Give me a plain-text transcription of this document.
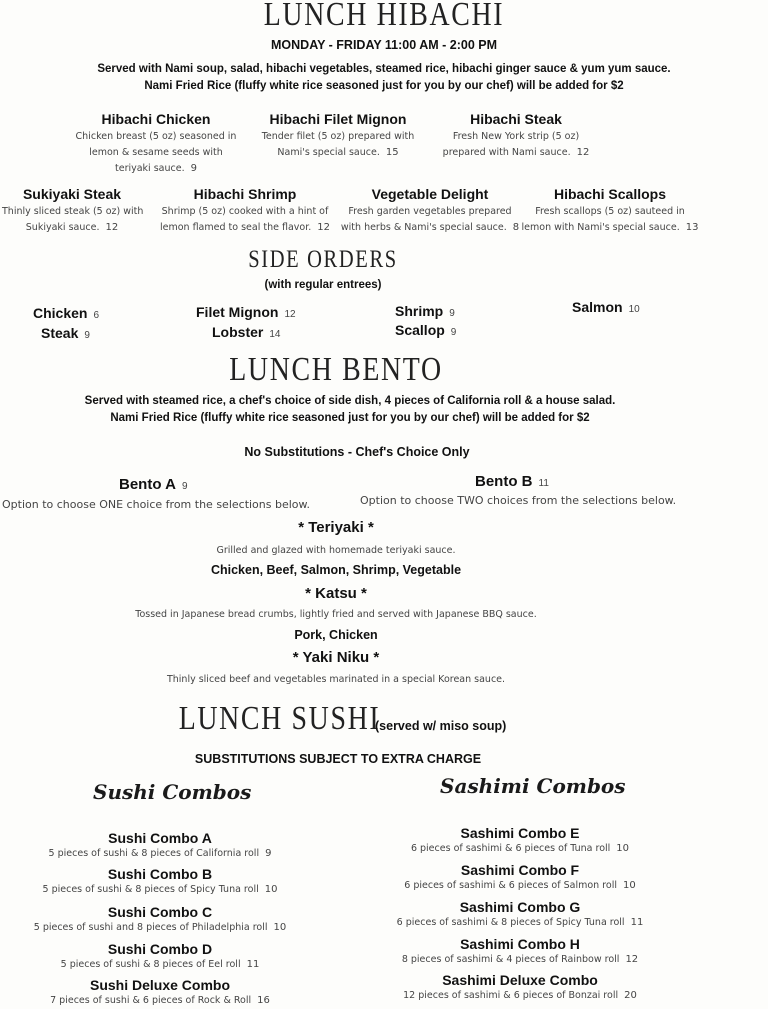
LUNCH HIBACHI
MONDAY - FRIDAY 11:00 AM - 2:00 PM
Served with Nami soup, salad, hibachi vegetables, steamed rice, hibachi ginger sauce & yum yum sauce.
Nami Fried Rice (fluffy white rice seasoned just for you by our chef) will be added for $2
Hibachi Chicken
Chicken breast (5 oz) seasoned in
lemon & sesame seeds with
teriyaki sauce. 9
Hibachi Filet Mignon
Tender filet (5 oz) prepared with
Nami's special sauce. 15
Hibachi Steak
Fresh New York strip (5 oz)
prepared with Nami sauce. 12
Sukiyaki Steak
Thinly sliced steak (5 oz) with
Sukiyaki sauce. 12
Hibachi Shrimp
Shrimp (5 oz) cooked with a hint of
lemon flamed to seal the flavor. 12
Vegetable Delight
Fresh garden vegetables prepared
with herbs & Nami's special sauce. 8
Hibachi Scallops
Fresh scallops (5 oz) sauteed in
lemon with Nami's special sauce. 13
SIDE ORDERS
(with regular entrees)
Chicken 6
Steak 9
Filet Mignon 12
Lobster 14
Shrimp 9
Scallop 9
Salmon 10
LUNCH BENTO
Served with steamed rice, a chef's choice of side dish, 4 pieces of California roll & a house salad.
Nami Fried Rice (fluffy white rice seasoned just for you by our chef) will be added for $2
No Substitutions - Chef's Choice Only
Bento A 9
Option to choose ONE choice from the selections below.
Bento B 11
Option to choose TWO choices from the selections below.
* Teriyaki *
Grilled and glazed with homemade teriyaki sauce.
Chicken, Beef, Salmon, Shrimp, Vegetable
* Katsu *
Tossed in Japanese bread crumbs, lightly fried and served with Japanese BBQ sauce.
Pork, Chicken
* Yaki Niku *
Thinly sliced beef and vegetables marinated in a special Korean sauce.
LUNCH SUSHI
(served w/ miso soup)
SUBSTITUTIONS SUBJECT TO EXTRA CHARGE
Sushi Combos	Sashimi Combos
Sushi Combo A
5 pieces of sushi & 8 pieces of California roll 9
Sushi Combo B
5 pieces of sushi & 8 pieces of Spicy Tuna roll 10
Sushi Combo C
5 pieces of sushi and 8 pieces of Philadelphia roll 10
Sushi Combo D
5 pieces of sushi & 8 pieces of Eel roll 11
Sushi Deluxe Combo
7 pieces of sushi & 6 pieces of Rock & Roll 16
Sashimi Combo E
6 pieces of sashimi & 6 pieces of Tuna roll 10
Sashimi Combo F
6 pieces of sashimi & 6 pieces of Salmon roll 10
Sashimi Combo G
6 pieces of sashimi & 8 pieces of Spicy Tuna roll 11
Sashimi Combo H
8 pieces of sashimi & 4 pieces of Rainbow roll 12
Sashimi Deluxe Combo
12 pieces of sashimi & 6 pieces of Bonzai roll 20
